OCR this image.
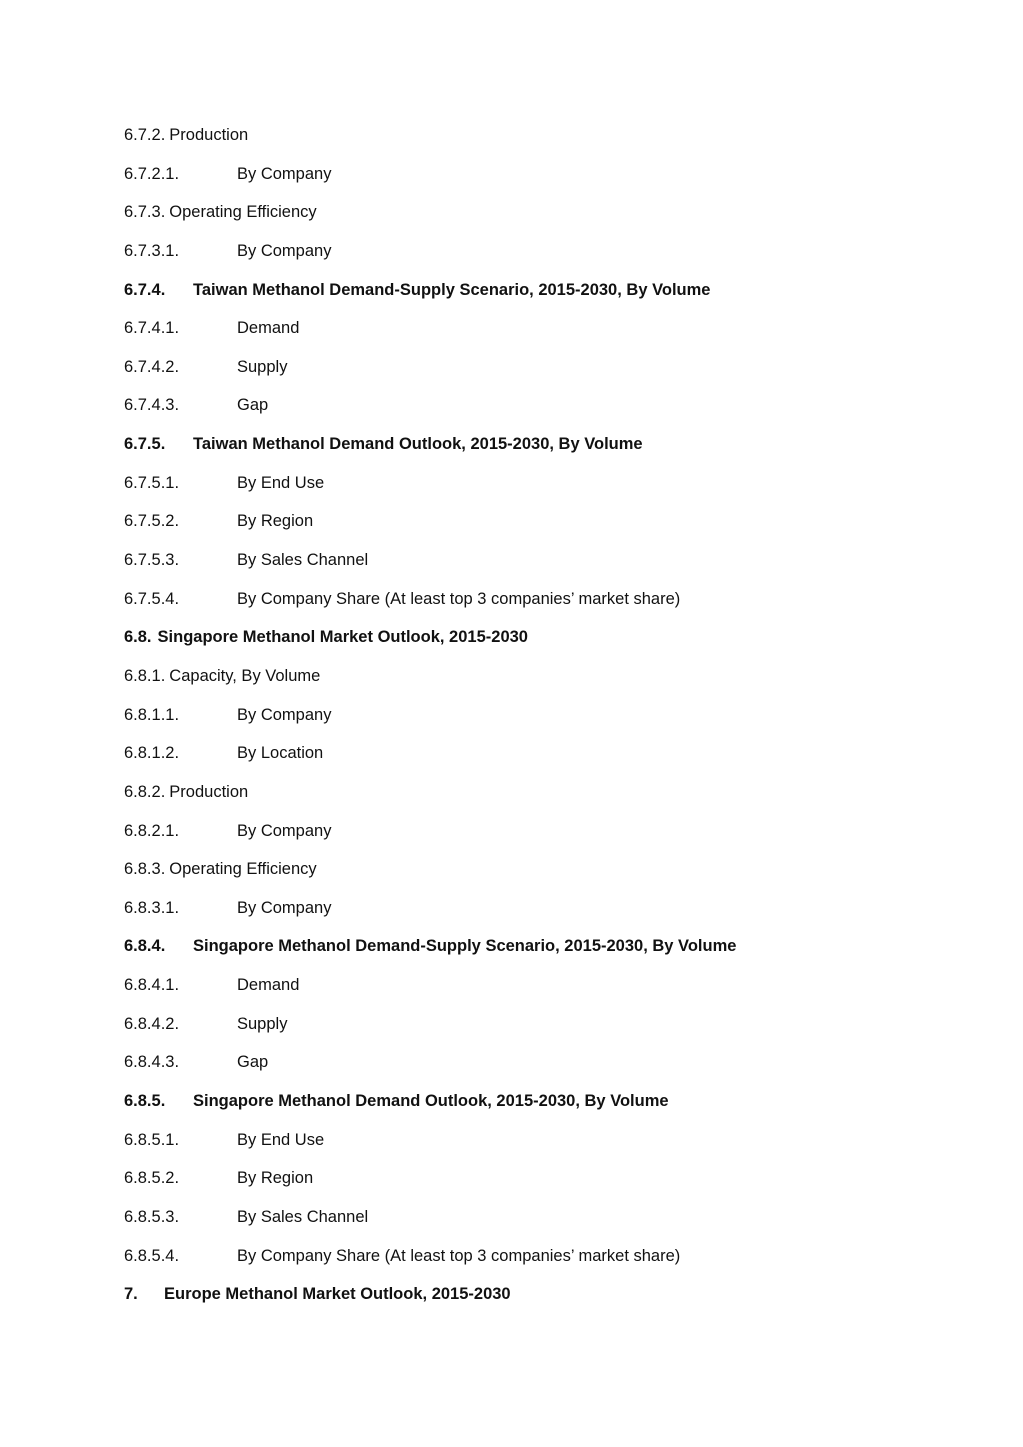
6.7.2. Production
6.7.2.1.	By Company
6.7.3. Operating Efficiency
6.7.3.1.	By Company
6.7.4. Taiwan Methanol Demand-Supply Scenario, 2015-2030, By Volume
6.7.4.1.	Demand
6.7.4.2.	Supply
6.7.4.3.	Gap
6.7.5. Taiwan Methanol Demand Outlook, 2015-2030, By Volume
6.7.5.1.	By End Use
6.7.5.2.	By Region
6.7.5.3.	By Sales Channel
6.7.5.4.	By Company Share (At least top 3 companies’ market share)
6.8. Singapore Methanol Market Outlook, 2015-2030
6.8.1. Capacity, By Volume
6.8.1.1.	By Company
6.8.1.2.	By Location
6.8.2. Production
6.8.2.1.	By Company
6.8.3. Operating Efficiency
6.8.3.1.	By Company
6.8.4. Singapore Methanol Demand-Supply Scenario, 2015-2030, By Volume
6.8.4.1.	Demand
6.8.4.2.	Supply
6.8.4.3.	Gap
6.8.5. Singapore Methanol Demand Outlook, 2015-2030, By Volume
6.8.5.1.	By End Use
6.8.5.2.	By Region
6.8.5.3.	By Sales Channel
6.8.5.4.	By Company Share (At least top 3 companies’ market share)
7. Europe Methanol Market Outlook, 2015-2030
